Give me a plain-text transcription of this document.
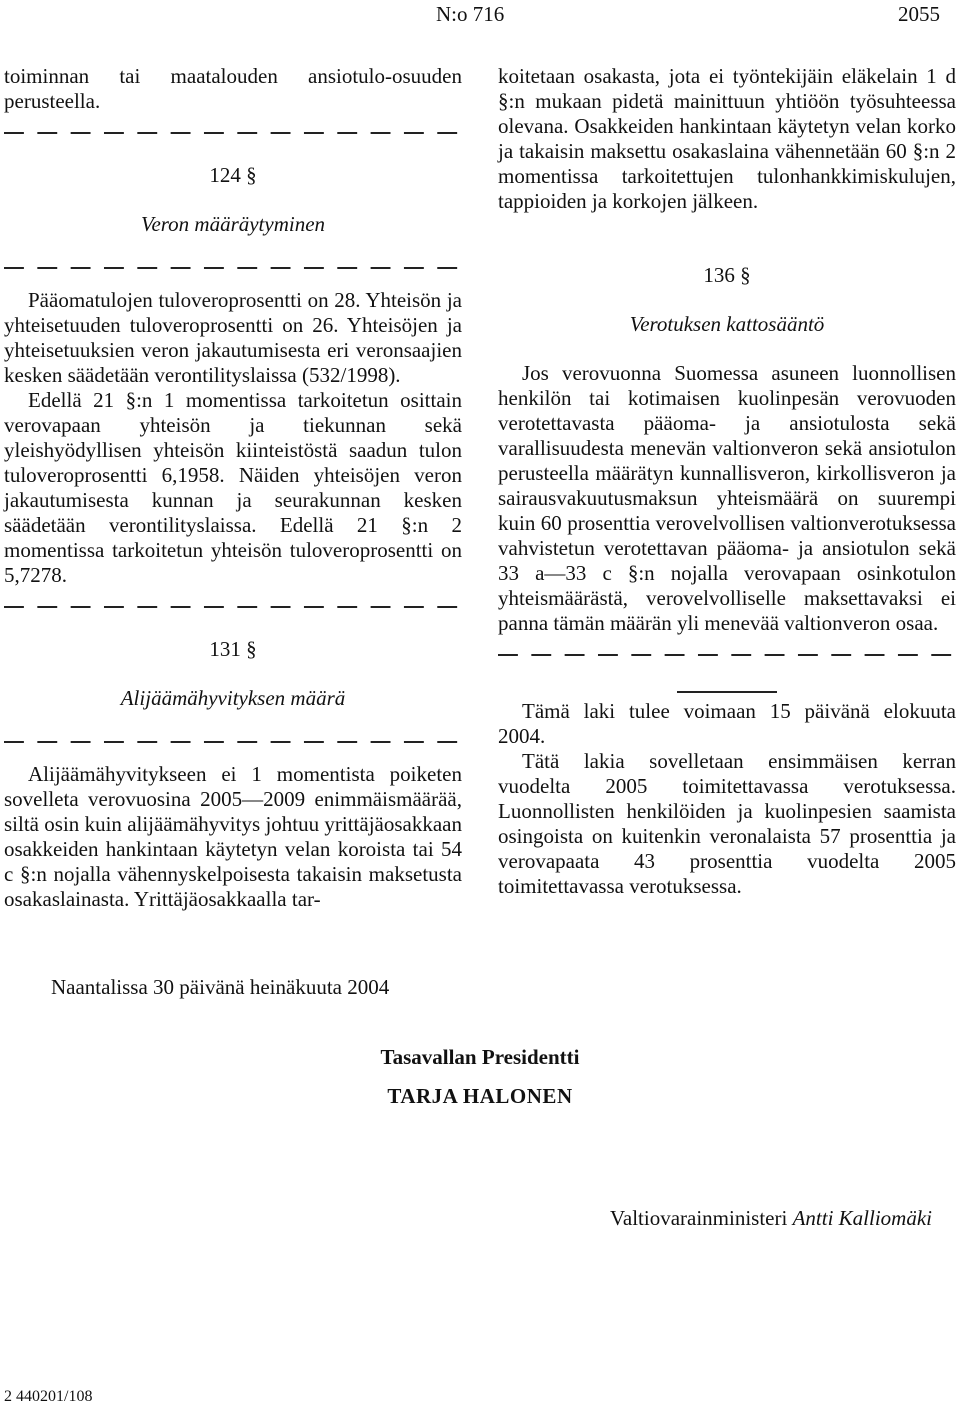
N:o 716	2055

toiminnan tai maatalouden ansiotulo-osuuden perusteella.

124 §
Veron määräytyminen

Pääomatulojen tuloveroprosentti on 28. Yhteisön ja yhteisetuuden tuloveroprosentti on 26. Yhteisöjen ja yhteisetuuksien veron jakautumisesta eri veronsaajien kesken säädetään verontilityslaissa (532/1998).

Edellä 21 §:n 1 momentissa tarkoitetun osittain verovapaan yhteisön ja tiekunnan sekä yleishyödyllisen yhteisön kiinteistöstä saadun tulon tuloveroprosentti 6,1958. Näiden yhteisöjen veron jakautumisesta kunnan ja seurakunnan kesken säädetään verontilityslaissa. Edellä 21 §:n 2 momentissa tarkoitetun yhteisön tuloveroprosentti on 5,7278.

131 §
Alijäämähyvityksen määrä

Alijäämähyvitykseen ei 1 momentista poiketen sovelleta verovuosina 2005—2009 enimmäismäärää, siltä osin kuin alijäämähyvitys johtuu yrittäjäosakkaan osakkeiden hankintaan käytetyn velan koroista tai 54 c §:n nojalla vähennyskelpoisesta takaisin maksetusta osakaslainasta. Yrittäjäosakkaalla tar-

koitetaan osakasta, jota ei työntekijäin eläkelain 1 d §:n mukaan pidetä mainittuun yhtiöön työsuhteessa olevana. Osakkeiden hankintaan käytetyn velan korko ja takaisin maksettu osakaslaina vähennetään 60 §:n 2 momentissa tarkoitettujen tulonhankkimiskulujen, tappioiden ja korkojen jälkeen.

136 §
Verotuksen kattosääntö

Jos verovuonna Suomessa asuneen luonnollisen henkilön tai kotimaisen kuolinpesän verovuoden verotettavasta pääoma- ja ansiotulosta sekä varallisuudesta menevän valtionveron sekä ansiotulon perusteella määrätyn kunnallisveron, kirkollisveron ja sairausvakuutusmaksun yhteismäärä on suurempi kuin 60 prosenttia verovelvollisen valtionverotuksessa vahvistetun verotettavan pääoma- ja ansiotulon sekä 33 a—33 c §:n nojalla verovapaan osinkotulon yhteismäärästä, verovelvolliselle maksettavaksi ei panna tämän määrän yli menevää valtionveron osaa.

Tämä laki tulee voimaan 15 päivänä elokuuta 2004.

Tätä lakia sovelletaan ensimmäisen kerran vuodelta 2005 toimitettavassa verotuksessa. Luonnollisten henkilöiden ja kuolinpesien saamista osingoista on kuitenkin veronalaista 57 prosenttia ja verovapaata 43 prosenttia vuodelta 2005 toimitettavassa verotuksessa.

Naantalissa 30 päivänä heinäkuuta 2004
Tasavallan Presidentti
TARJA HALONEN
Valtiovarainministeri Antti Kalliomäki
2 440201/108
